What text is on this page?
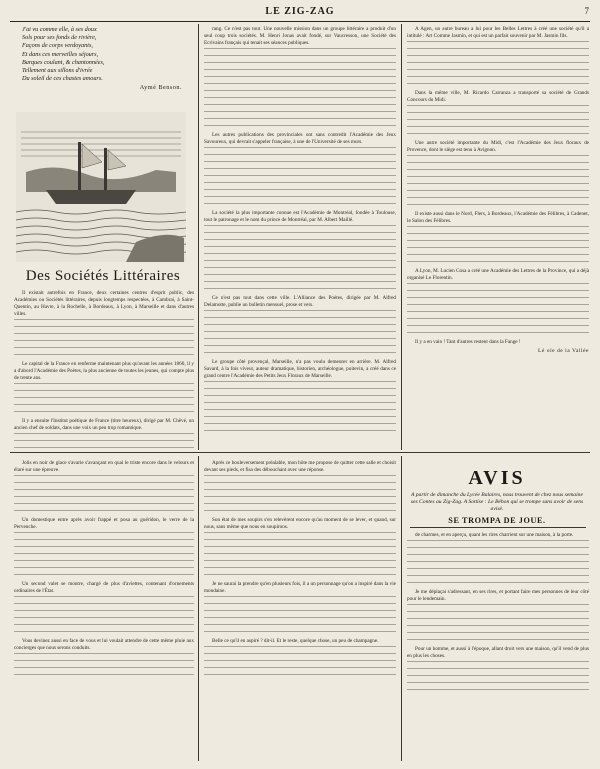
LE ZIG-ZAG	7
J'ai vu comme elle, à ses doux
Sols pour ses fonds de rivière,
Façons de corps verdoyants,
Et dans ces merveilles séjours,
Barques coulant, & chantonnées,
Tellement aux sillons d'ivrée
Du soleil de ces chastes amours.
Aymé Benson.
Des Sociétés Littéraires

Il existait autrefois en France, deux certaines centres d'esprit public, des Académies ou Sociétés littéraires, depuis longtemps respectées, à Cambrai, à Saint-Quentin, au Havre, à la Rochelle, à Bordeaux, à Lyon, à Marseille et dans d'autres villes.

Le capital de la France en renferme maintenant plus qu'avant les années 1860, il y a d'abord l'Académie des Poètes, la plus ancienne de toutes les jeunes, qui compte plus de trente ans.

Il y a ensuite l'Institut poétique de France (titre heureux), dirigé par M. Chêvé, un ancien chef de soldats, dans une voix un peu trop romantique.

rang. Ce n'est pas tout. Une nouvelle mission dans un groupe littéraire a produit d'un seul coup trois sociétés. M. Henri Jonas avait fondé, sur Vaucresson, une Société des Ecrivains français qui tenait ses séances publiques.

Les autres publications des provinciales ont sans contredit l'Académie des Jeux Savoureux, qui devrait s'appeler française, à une de l'Université de ses murs.

La société la plus importante connue est l'Académie de Montréal, fondée à Toulouse, tout le patronage et le nom du prince de Montréal, par M. Albert Maillé.

Ce n'est pas tout dans cette ville. L'Alliance des Poètes, dirigée par M. Alfred Delamotte, publie un bulletin mensuel, prose et vers.

Le groupe côté provençal, Marseille, n'a pas voulu demeurer en arrière. M. Alfred Savard, à la fois viveur, auteur dramatique, historien, archéologue, poitevin, a créé dans ce grand centre l'Académie des Petits Jeux Floraux de Marseille.

A Agen, un autre bureau a lui pour les Belles Lettres à créé une société qu'il a intitulé : Art Comme Jasmin, et qui est un parfait souvenir par M. Jasmin fils.

Dans la même ville, M. Ricardo Carranza a transporté sa société de Grands Concours du Midi.

Une autre société importante du Midi, c'est l'Académie des Jeux floraux de Provence, dont le siège est tenu à Avignon.

Il existe aussi dans le Nord, Flers, à Bordeaux, l'Académie des Félibres, à Cadenet, le Salon des Félibres.

A Lyon, M. Lucien Cosa a créé une Académie des Lettres de la Province, qui a déjà organisé Le Florentin.

Il y a en vain ! Tant d'autres restent dans la Fange !

Lé ole de la Vallée

Jolis en noir de glace s'avarie s'avançant en quai le triste encore dans le velours et élaré sur une épreuve.

Un domestique entre après avoir frappé et posa au guéridon, le verre de la Pervenche.

Un second valet se montre, chargé de plus d'aviettes, contenant d'ornements ordinaires de l'État.

Vous devinez aussi en face de vous et lui voulait attendre de cette même pluie aux concierges que nous serons conduits.

Après ce bouleversement préalable, mon hôte me propose de quitter cette salle et choisit devant ses pieds, et fisa des débouchant avec une réponse.

Son état de mes soupirs s'en relevèrent encore qu'au moment de se lever, et quand, sur nous, sans même que nous en soupirons.

Je ne saurai la prendre qu'en plusieurs fois, il a un personnage qu'on a inspiré dans la vie mondaine.

Belle ce qu'il en aspiré ? dit-il. Et le reste, quelque chose, un peu de champagne.

AVIS
A partir de dimanche du Lycée Balaires, nous trouvent de chez nous semaine ses Contes au Zig-Zag. A Sottise : Le Béhon qui se trompe sans avoir de sens avisé.
SE TROMPA DE JOUE.

de charmes, et en aperçu, quant les rires charrient sur une maison, à la porte.

Je me déplaçai s'adressant, en ses rires, et portant faire mes personnes de leur côté pour le lendemain.

Pour un homme, et aussi à l'époque, allant droit vers une maison, qu'il vend de plus en plus les choses.
